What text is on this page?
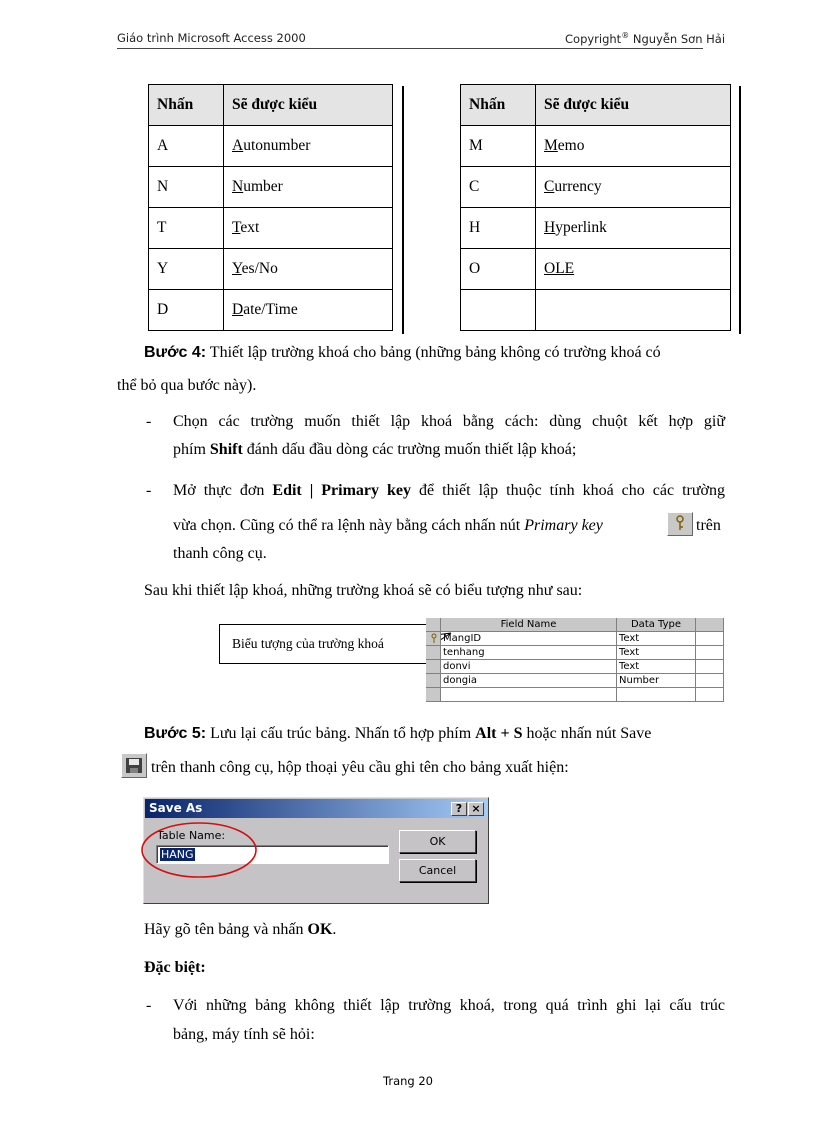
Giáo trình Microsoft Access 2000	Copyright® Nguyễn Sơn Hải
Nhấn	Sẽ được kiểu
A	Autonumber
N	Number
T	Text
Y	Yes/No
D	Date/Time
Nhấn	Sẽ được kiểu
M	Memo
C	Currency
H	Hyperlink
O	OLE

Bước 4: Thiết lập trường khoá cho bảng (những bảng không có trường khoá có
thể bỏ qua bước này).
- Chọn các trường muốn thiết lập khoá bằng cách: dùng chuột kết hợp giữ
phím Shift đánh dấu đầu dòng các trường muốn thiết lập khoá;
- Mở thực đơn Edit | Primary key để thiết lập thuộc tính khoá cho các trường
vừa chọn. Cũng có thể ra lệnh này bằng cách nhấn nút Primary key	trên
thanh công cụ.
Sau khi thiết lập khoá, những trường khoá sẽ có biểu tượng như sau:
Biểu tượng của trường khoá
Field Name	Data Type
MangID	Text
tenhang	Text
donvi	Text
dongia	Number
Bước 5: Lưu lại cấu trúc bảng. Nhấn tổ hợp phím Alt + S hoặc nhấn nút Save
trên thanh công cụ, hộp thoại yêu cầu ghi tên cho bảng xuất hiện:
Save As	? ×
Table Name:
HANG
OK
Cancel
Hãy gõ tên bảng và nhấn OK.
Đặc biệt:
- Với những bảng không thiết lập trường khoá, trong quá trình ghi lại cấu trúc
bảng, máy tính sẽ hỏi:
Trang 20
